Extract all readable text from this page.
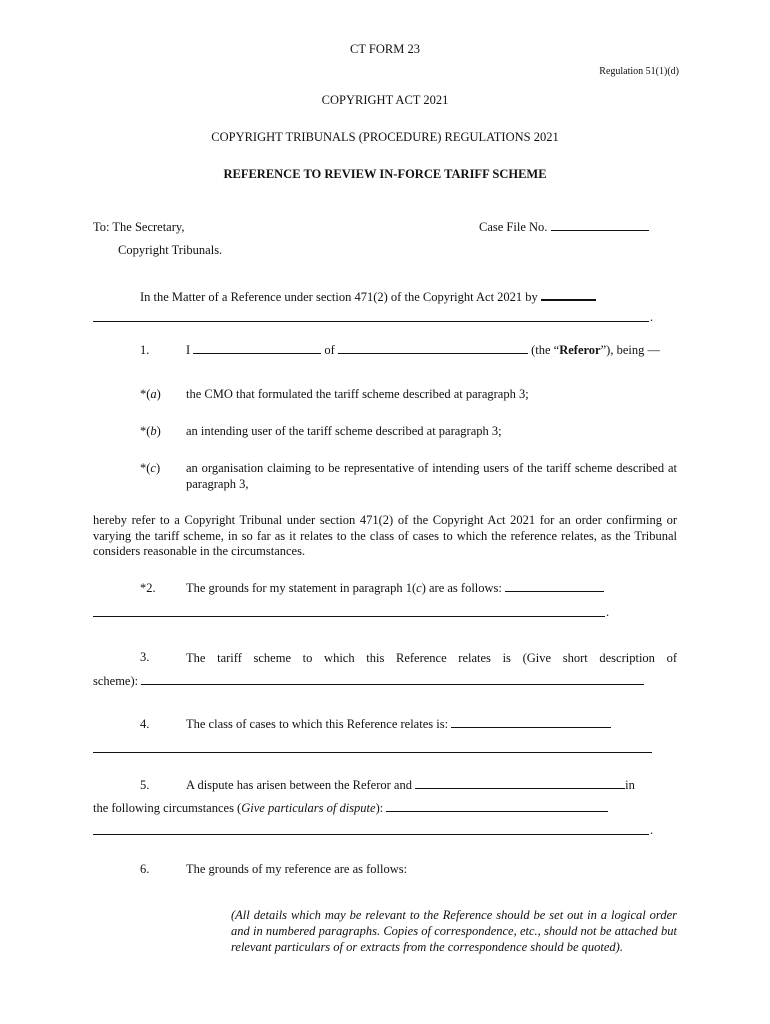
CT FORM 23
Regulation 51(1)(d)
COPYRIGHT ACT 2021
COPYRIGHT TRIBUNALS (PROCEDURE) REGULATIONS 2021
REFERENCE TO REVIEW IN-FORCE TARIFF SCHEME
To: The Secretary,	Case File No.
Copyright Tribunals.
In the Matter of a Reference under section 471(2) of the Copyright Act 2021 by
.
1.	I	of	(the “Referor”), being —
*(a) the CMO that formulated the tariff scheme described at paragraph 3;
*(b) an intending user of the tariff scheme described at paragraph 3;
*(c) an organisation claiming to be representative of intending users of the tariff scheme described at paragraph 3,
hereby refer to a Copyright Tribunal under section 471(2) of the Copyright Act 2021 for an order confirming or varying the tariff scheme, in so far as it relates to the class of cases to which the reference relates, as the Tribunal considers reasonable in the circumstances.
*2. The grounds for my statement in paragraph 1(c) are as follows:
.
3.	The tariff scheme to which this Reference relates is (Give short description of
scheme):
4.	The class of cases to which this Reference relates is:
5.	A dispute has arisen between the Referor and	in
the following circumstances (Give particulars of dispute):
.
6.	The grounds of my reference are as follows:
(All details which may be relevant to the Reference should be set out in a logical order and in numbered paragraphs. Copies of correspondence, etc., should not be attached but relevant particulars of or extracts from the correspondence should be quoted).
